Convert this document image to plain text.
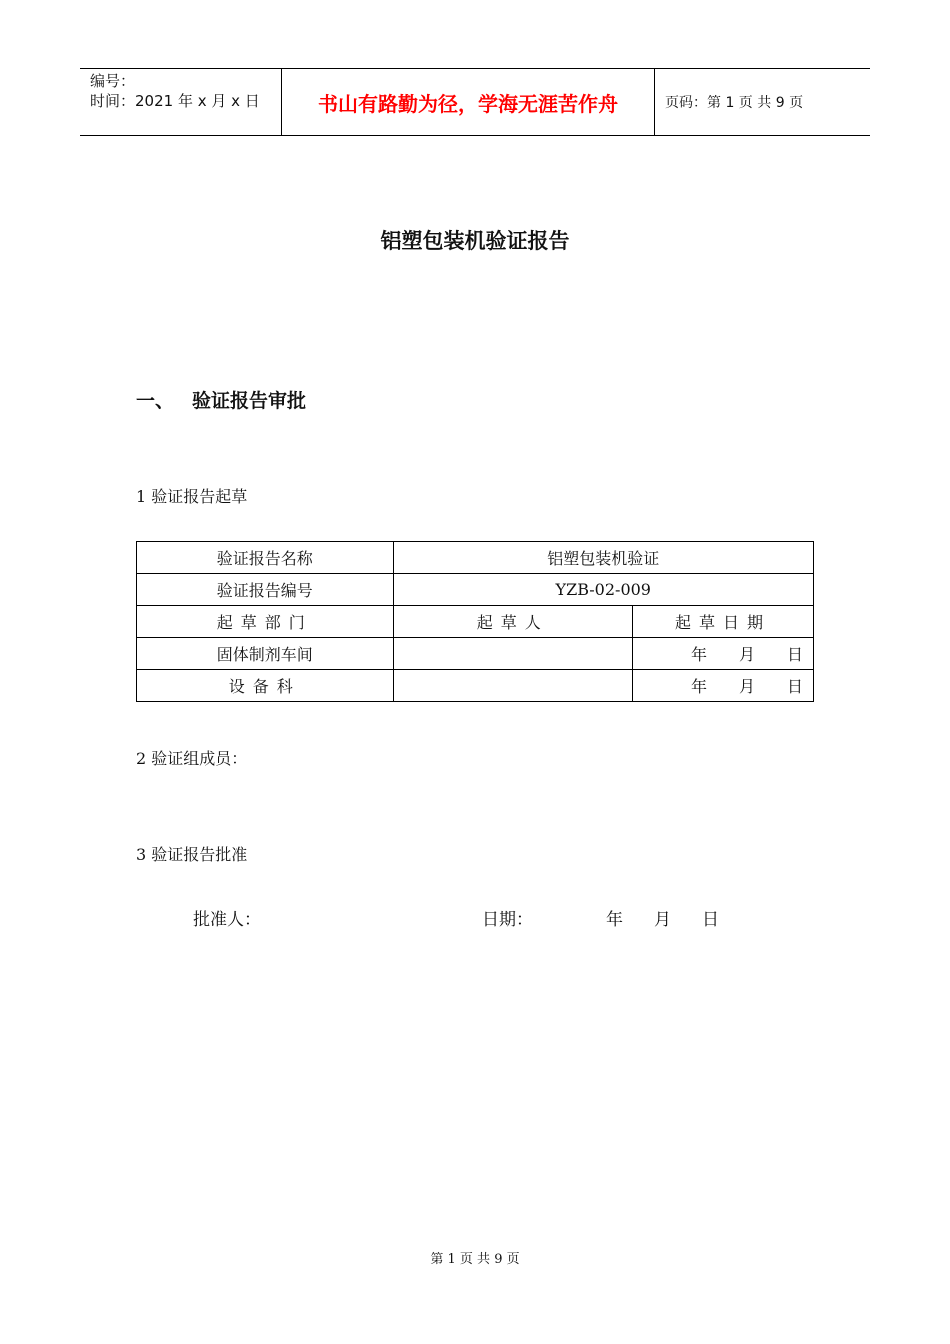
编号：
时间：2021 年 x 月 x 日	书山有路勤为径，学海无涯苦作舟	页码：第 1 页 共 9 页
铝塑包装机验证报告
一、 验证报告审批
1 验证报告起草
验证报告名称	铝塑包装机验证	
验证报告编号	YZB-02-009	
起草部门	起草人	起草日期
固体制剂车间		年 月 日

设备科		年 月 日
2 验证组成员：
3 验证报告批准
批准人：	日期：	年 月 日
第 1 页 共 9 页
